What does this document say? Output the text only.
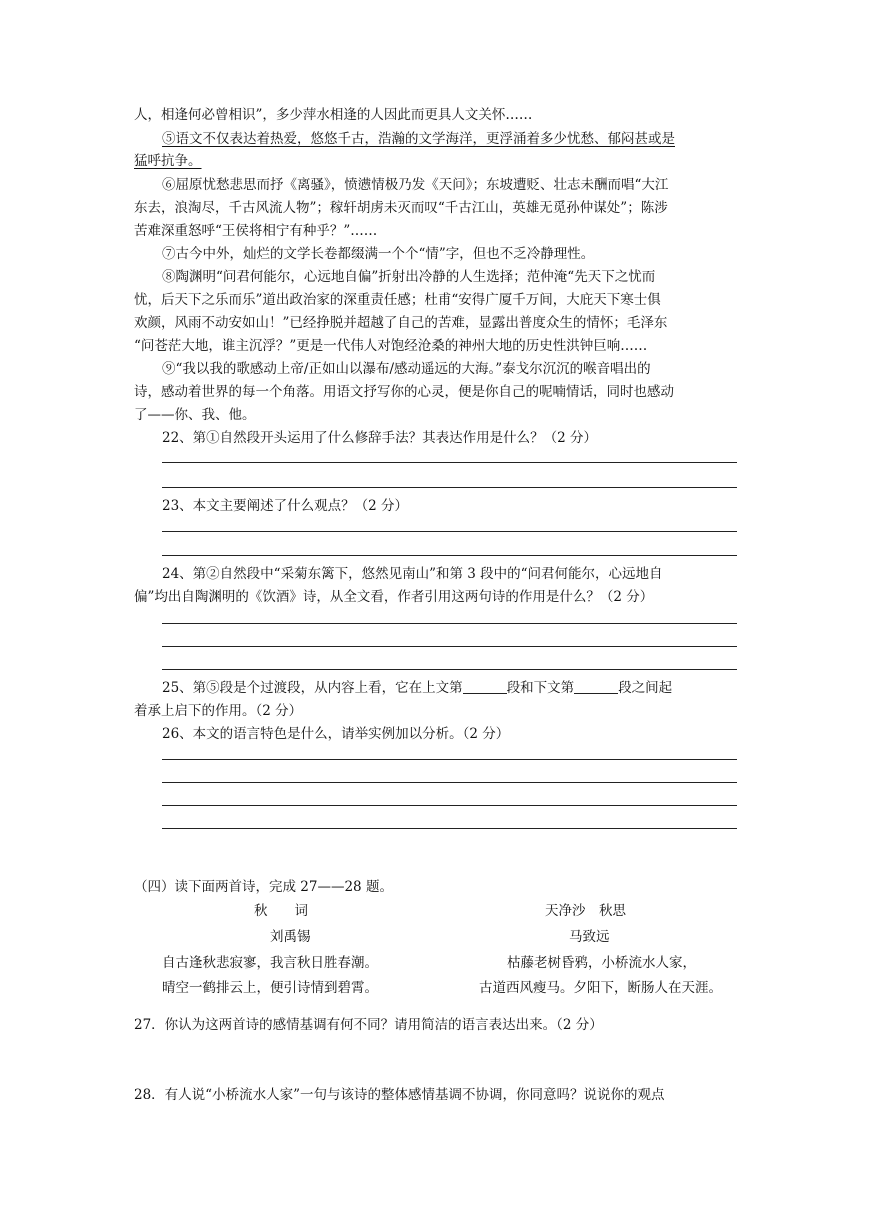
人，相逢何必曾相识”，多少萍水相逢的人因此而更具人文关怀……
⑤语文不仅表达着热爱，悠悠千古，浩瀚的文学海洋，更浮涌着多少忧愁、郁闷甚或是
猛呼抗争。
⑥屈原忧愁悲思而抒《离骚》，愤懑情极乃发《天问》；东坡遭贬、壮志未酬而唱“大江
东去，浪淘尽，千古风流人物”；稼轩胡虏未灭而叹“千古江山，英雄无觅孙仲谋处”；陈涉
苦难深重怒呼“王侯将相宁有种乎？”……
⑦古今中外，灿烂的文学长卷都缀满一个个“情”字，但也不乏冷静理性。
⑧陶渊明“问君何能尔，心远地自偏”折射出冷静的人生选择；范仲淹“先天下之忧而
忧，后天下之乐而乐”道出政治家的深重责任感；杜甫“安得广厦千万间，大庇天下寒士俱
欢颜，风雨不动安如山！”已经挣脱并超越了自己的苦难，显露出普度众生的情怀；毛泽东
“问苍茫大地，谁主沉浮？”更是一代伟人对饱经沧桑的神州大地的历史性洪钟巨响……
⑨“我以我的歌感动上帝/正如山以瀑布/感动遥远的大海。”泰戈尔沉沉的喉音唱出的
诗，感动着世界的每一个角落。用语文抒写你的心灵，便是你自己的呢喃情话，同时也感动
了——你、我、他。
22、第①自然段开头运用了什么修辞手法？其表达作用是什么？（2 分）
23、本文主要阐述了什么观点？（2 分）
24、第②自然段中“采菊东篱下，悠然见南山”和第 3 段中的“问君何能尔，心远地自
偏”均出自陶渊明的《饮酒》诗，从全文看，作者引用这两句诗的作用是什么？（2 分）
25、第⑤段是个过渡段，从内容上看，它在上文第	段和下文第	段之间起
着承上启下的作用。（2 分）
26、本文的语言特色是什么，请举实例加以分析。（2 分）
（四）读下面两首诗，完成 27——28 题。
秋　　词	天净沙　秋思
刘禹锡	马致远
自古逢秋悲寂寥，我言秋日胜春潮。	枯藤老树昏鸦，小桥流水人家，
晴空一鹤排云上，便引诗情到碧霄。	古道西风瘦马。夕阳下，断肠人在天涯。
27．你认为这两首诗的感情基调有何不同？请用简洁的语言表达出来。（2 分）
28．有人说“小桥流水人家”一句与该诗的整体感情基调不协调，你同意吗？说说你的观点
